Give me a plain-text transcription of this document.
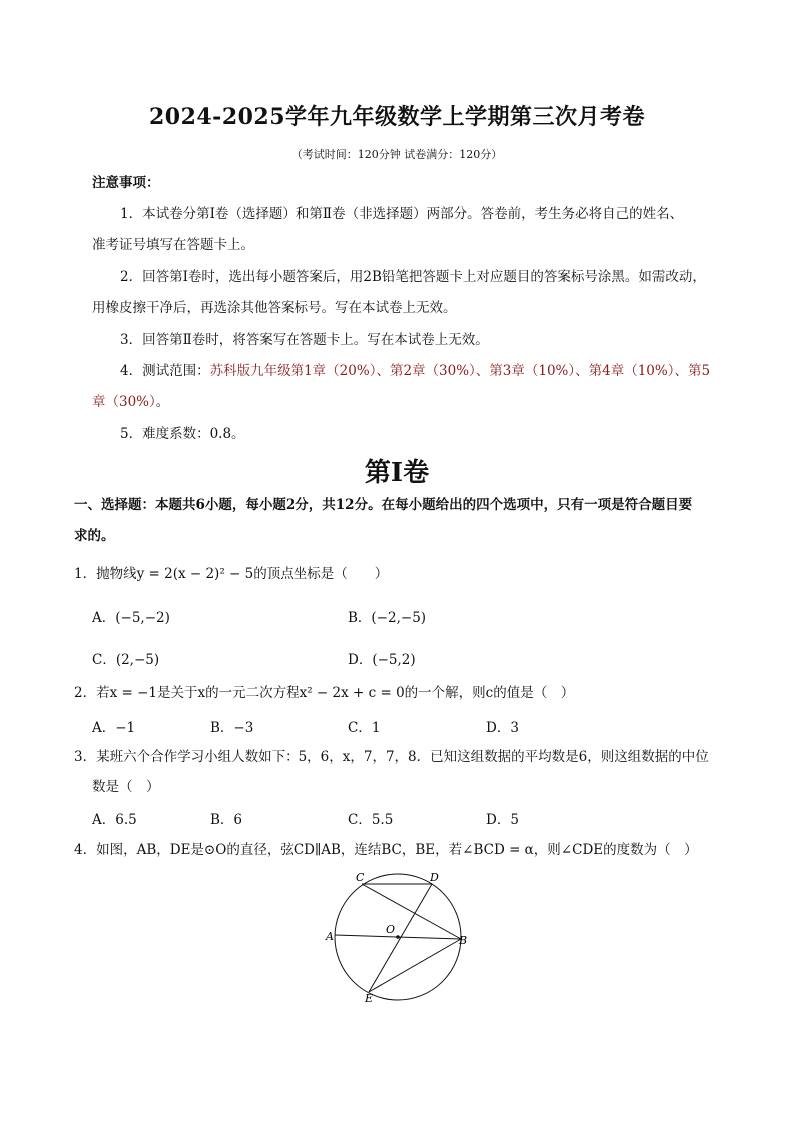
2024-2025学年九年级数学上学期第三次月考卷
（考试时间：120分钟 试卷满分：120分）
注意事项：
1．本试卷分第Ⅰ卷（选择题）和第Ⅱ卷（非选择题）两部分。答卷前，考生务必将自己的姓名、
准考证号填写在答题卡上。
2．回答第Ⅰ卷时，选出每小题答案后，用2B铅笔把答题卡上对应题目的答案标号涂黑。如需改动，
用橡皮擦干净后，再选涂其他答案标号。写在本试卷上无效。
3．回答第Ⅱ卷时，将答案写在答题卡上。写在本试卷上无效。
4．测试范围：苏科版九年级第1章（20%）、第2章（30%）、第3章（10%）、第4章（10%）、第5
章（30%）。
5．难度系数：0.8。
第Ⅰ卷
一、选择题：本题共6小题，每小题2分，共12分。在每小题给出的四个选项中，只有一项是符合题目要
求的。
1．抛物线y = 2(x − 2)² − 5的顶点坐标是（　　）
A．(−5,−2)	B．(−2,−5)
C．(2,−5)	D．(−5,2)
2．若x = −1是关于x的一元二次方程x² − 2x + c = 0的一个解，则c的值是（　）
A．−1	B．−3	C．1	D．3
3．某班六个合作学习小组人数如下：5，6，x，7，7，8．已知这组数据的平均数是6，则这组数据的中位
数是（　）
A．6.5	B．6	C．5.5	D．5
4．如图，AB，DE是⊙O的直径，弦CD∥AB，连结BC，BE，若∠BCD = α，则∠CDE的度数为（　）
C	D
A
O
B
E
